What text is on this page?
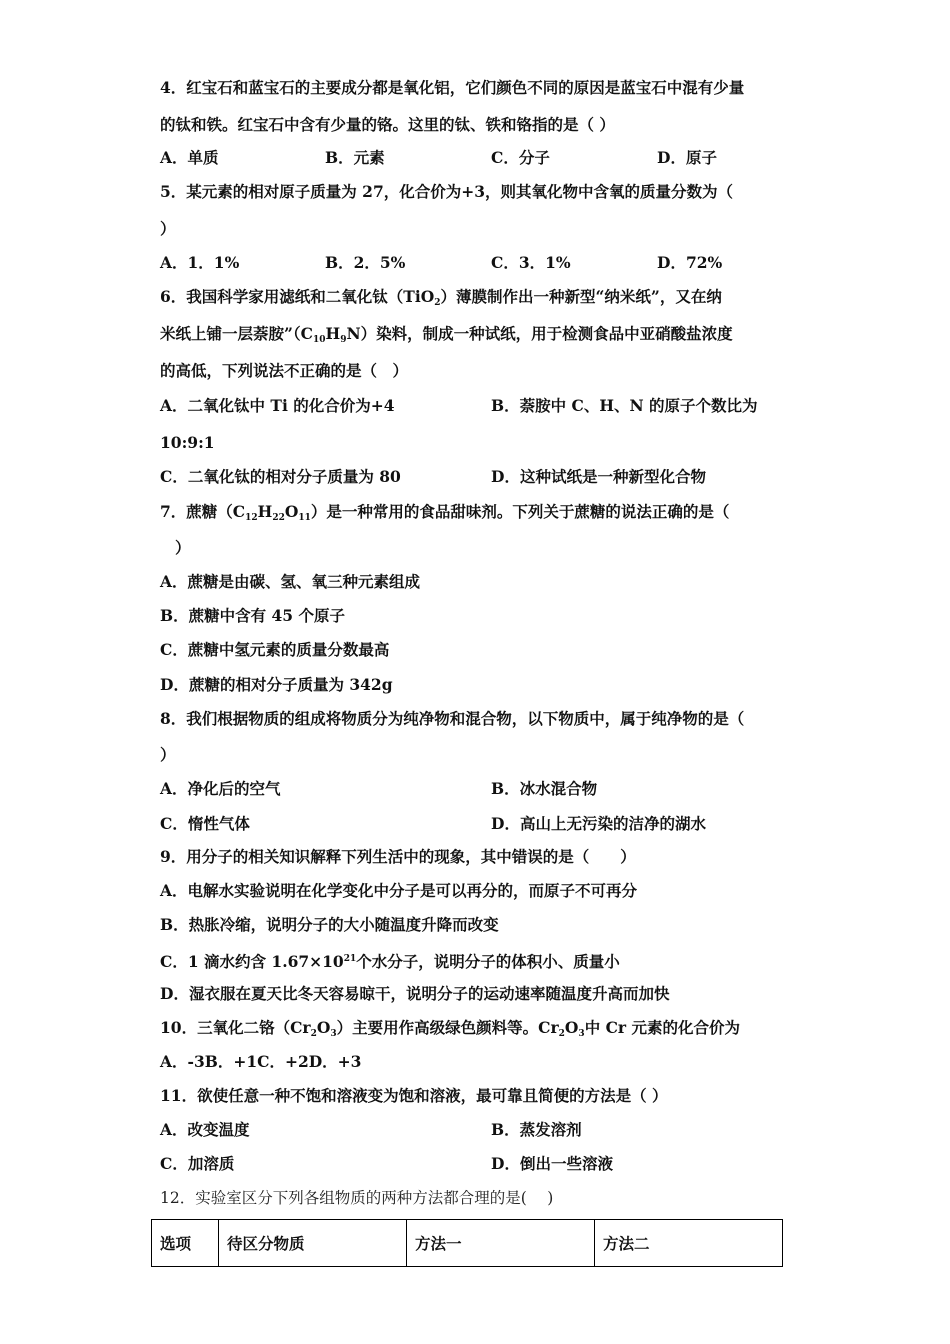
4．红宝石和蓝宝石的主要成分都是氧化铝，它们颜色不同的原因是蓝宝石中混有少量
的钛和铁。红宝石中含有少量的铬。这里的钛、铁和铬指的是（ ）
A．单质	B．元素	C．分子	D．原子
5．某元素的相对原子质量为 27，化合价为+3，则其氧化物中含氧的质量分数为（
）
A．1．1%	B．2．5%	C．3．1%	D．72%
6．我国科学家用滤纸和二氧化钛（TiO$_2$）薄膜制作出一种新型“纳米纸”，又在纳
米纸上铺一层萘胺$”(C_{10}H_9N)$染料，制成一种试纸，用于检测食品中亚硝酸盐浓度
的高低，下列说法不正确的是（　）
A．二氧化钛中 Ti 的化合价为+4	B．萘胺中 C、H、N 的原子个数比为
10:9:1
C．二氧化钛的相对分子质量为 80	D．这种试纸是一种新型化合物
7．蔗糖$(C_{12}H_{22}O_{11})$是一种常用的食品甜味剂。下列关于蔗糖的说法正确的是（
）
A．蔗糖是由碳、氢、氧三种元素组成
B．蔗糖中含有 45 个原子
C．蔗糖中氢元素的质量分数最高
D．蔗糖的相对分子质量为 342g
8．我们根据物质的组成将物质分为纯净物和混合物，以下物质中，属于纯净物的是（
）
A．净化后的空气	B．冰水混合物
C．惰性气体	D．高山上无污染的洁净的湖水
9．用分子的相关知识解释下列生活中的现象，其中错误的是（　　）
A．电解水实验说明在化学变化中分子是可以再分的，而原子不可再分
B．热胀冷缩，说明分子的大小随温度升降而改变
C．1 滴水约含 $1.67\times 10^{21}$个水分子，说明分子的体积小、质量小
D．湿衣服在夏天比冬天容易晾干，说明分子的运动速率随温度升高而加快
10．三氧化二铬$(Cr_2O_3)$主要用作高级绿色颜料等。$Cr_2O_3$中 Cr 元素的化合价为
A．-3B．+1C．+2D．+3
11．欲使任意一种不饱和溶液变为饱和溶液，最可靠且简便的方法是（ ）
A．改变温度	B．蒸发溶剂
C．加溶质	D．倒出一些溶液
12．实验室区分下列各组物质的两种方法都合理的是(　 )
选项	待区分物质	方法一	方法二
